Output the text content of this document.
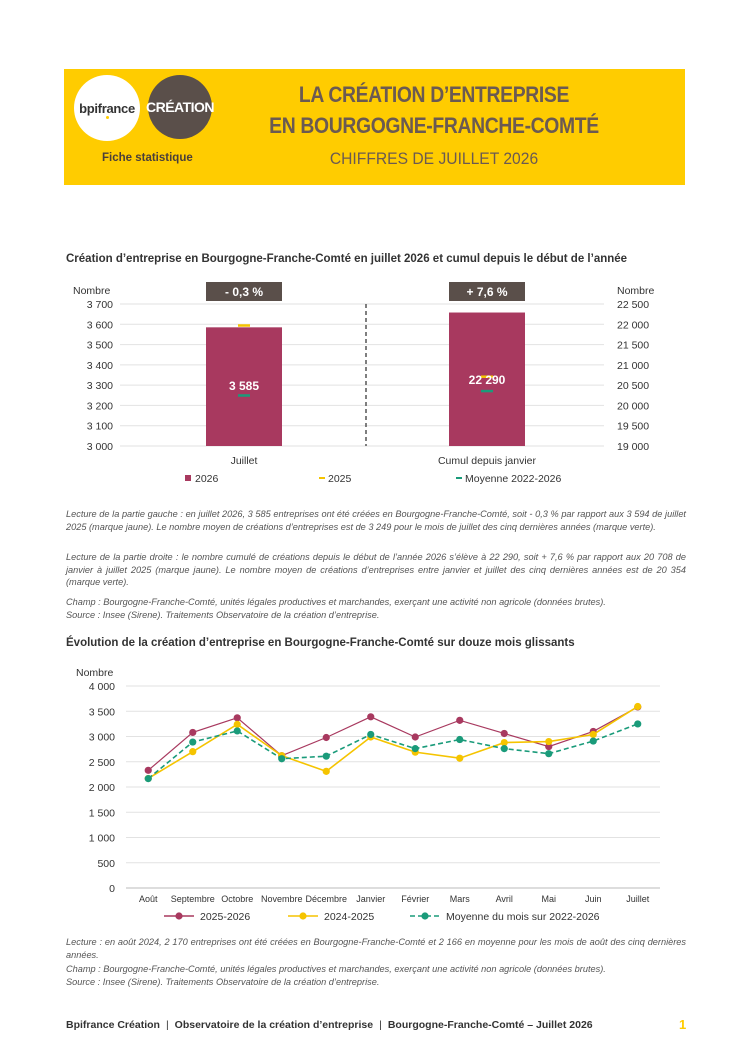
bpifrance CRÉATION
Fiche statistique
LA CRÉATION D’ENTREPRISE
EN BOURGOGNE-FRANCHE-COMTÉ
CHIFFRES DE JUILLET 2026
Création d’entreprise en Bourgogne-Franche-Comté en juillet 2026 et cumul depuis le début de l’année
Nombre	Nombre
3 000
3 100
3 200
3 300
3 400
3 500
3 600
3 700
19 000
19 500
20 000
20 500
21 000
21 500
22 000
22 500
3 585
- 0,3 %
Juillet
22 290
+ 7,6 %
Cumul depuis janvier
2026	2025	Moyenne 2022-2026
Lecture de la partie gauche : en juillet 2026, 3 585 entreprises ont été créées en Bourgogne-Franche-Comté, soit - 0,3 % par rapport aux 3 594 de juillet 2025 (marque jaune). Le nombre moyen de créations d’entreprises est de 3 249 pour le mois de juillet des cinq dernières années (marque verte).
Lecture de la partie droite : le nombre cumulé de créations depuis le début de l’année 2026 s’élève à 22 290, soit + 7,6 % par rapport aux 20 708 de janvier à juillet 2025 (marque jaune). Le nombre moyen de créations d’entreprises entre janvier et juillet des cinq dernières années est de 20 354 (marque verte).
Champ : Bourgogne-Franche-Comté, unités légales productives et marchandes, exerçant une activité non agricole (données brutes).
Source : Insee (Sirene). Traitements Observatoire de la création d’entreprise.
Évolution de la création d’entreprise en Bourgogne-Franche-Comté sur douze mois glissants
Nombre
0
500
1 000
1 500
2 000
2 500
3 000
3 500
4 000
Août Septembre Octobre Novembre Décembre Janvier Février Mars	Avril	Mai	Juin	Juillet
2025-2026	2024-2025	Moyenne du mois sur 2022-2026
Lecture : en août 2024, 2 170 entreprises ont été créées en Bourgogne-Franche-Comté et 2 166 en moyenne pour les mois de août des cinq dernières années.
Champ : Bourgogne-Franche-Comté, unités légales productives et marchandes, exerçant une activité non agricole (données brutes).
Source : Insee (Sirene). Traitements Observatoire de la création d’entreprise.
Bpifrance Création | Observatoire de la création d’entreprise | Bourgogne-Franche-Comté – Juillet 2026	1
